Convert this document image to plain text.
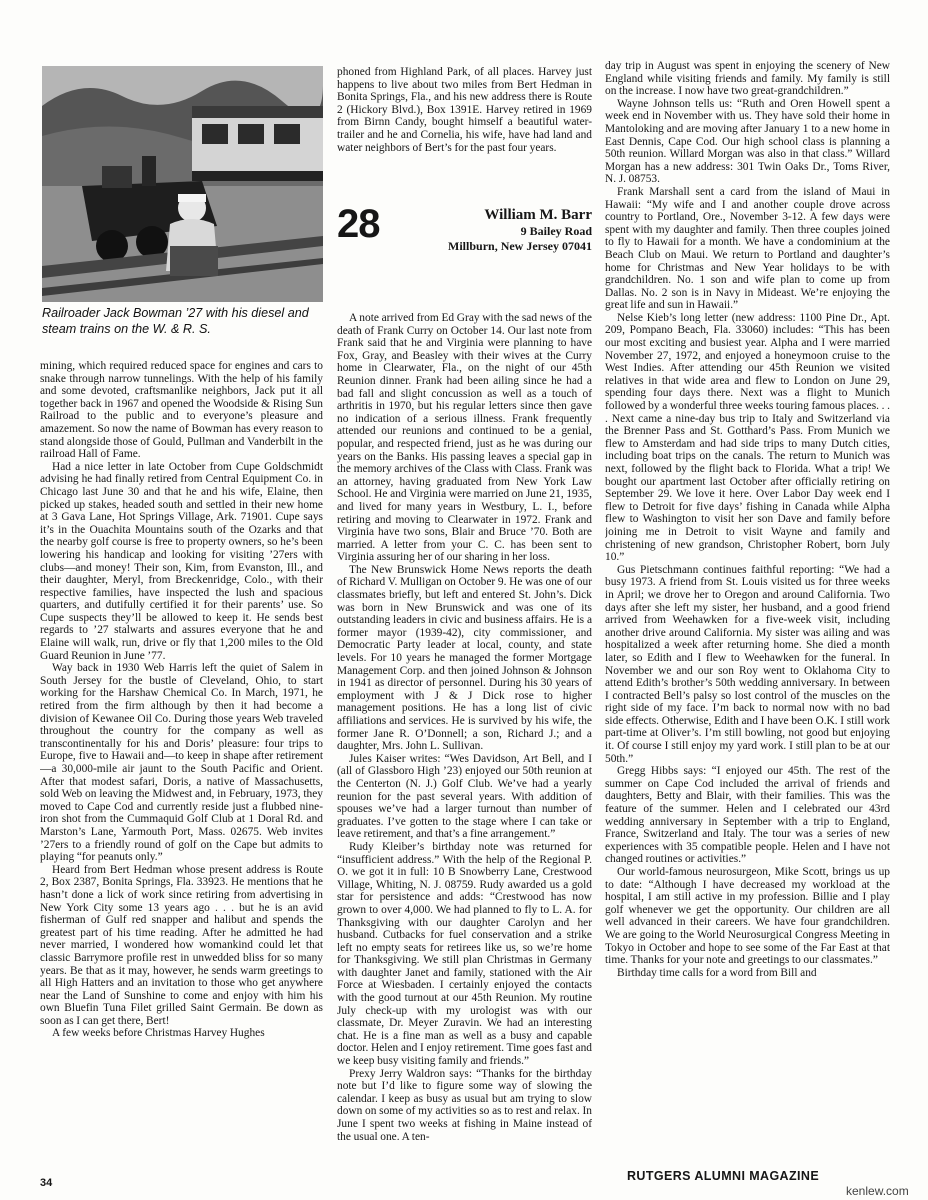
Railroader Jack Bowman ’27 with his diesel and steam trains on the W. & R. S.

mining, which required reduced space for engines and cars to snake through narrow tunnelings. With the help of his family and some devoted, craftsmanlike neighbors, Jack put it all together back in 1967 and opened the Woodside & Rising Sun Railroad to the public and to everyone’s pleasure and amazement. So now the name of Bowman has every reason to stand alongside those of Gould, Pullman and Vanderbilt in the railroad Hall of Fame.

Had a nice letter in late October from Cupe Goldschmidt advising he had finally retired from Central Equipment Co. in Chicago last June 30 and that he and his wife, Elaine, then picked up stakes, headed south and settled in their new home at 3 Gava Lane, Hot Springs Village, Ark. 71901. Cupe says it’s in the Ouachita Mountains south of the Ozarks and that the nearby golf course is free to property owners, so he’s been lowering his handicap and looking for visiting ’27ers with clubs—and money! Their son, Kim, from Evanston, Ill., and their daughter, Meryl, from Breckenridge, Colo., with their respective families, have inspected the lush and spacious quarters, and dutifully certified it for their parents’ use. So Cupe suspects they’ll be allowed to keep it. He sends best regards to ’27 stalwarts and assures everyone that he and Elaine will walk, run, drive or fly that 1,200 miles to the Old Guard Reunion in June ’77.

Way back in 1930 Web Harris left the quiet of Salem in South Jersey for the bustle of Cleveland, Ohio, to start working for the Harshaw Chemical Co. In March, 1971, he retired from the firm although by then it had become a division of Kewanee Oil Co. During those years Web traveled throughout the country for the company as well as transcontinentally for his and Doris’ pleasure: four trips to Europe, five to Hawaii and—to keep in shape after retirement—a 30,000-mile air jaunt to the South Pacific and Orient. After that modest safari, Doris, a native of Massachusetts, sold Web on leaving the Midwest and, in February, 1973, they moved to Cape Cod and currently reside just a flubbed nine-iron shot from the Cummaquid Golf Club at 1 Doral Rd. and Marston’s Lane, Yarmouth Port, Mass. 02675. Web invites ’27ers to a friendly round of golf on the Cape but admits to playing “for peanuts only.”

Heard from Bert Hedman whose present address is Route 2, Box 2387, Bonita Springs, Fla. 33923. He mentions that he hasn’t done a lick of work since retiring from advertising in New York City some 13 years ago . . . but he is an avid fisherman of Gulf red snapper and halibut and spends the greatest part of his time reading. After he admitted he had never married, I wondered how womankind could let that classic Barrymore profile rest in unwedded bliss for so many years. Be that as it may, however, he sends warm greetings to all High Hatters and an invitation to those who get anywhere near the Land of Sunshine to come and enjoy with him his own Bluefin Tuna Filet grilled Saint Germain. Be down as soon as I can get there, Bert!

A few weeks before Christmas Harvey Hughes

phoned from Highland Park, of all places. Harvey just happens to live about two miles from Bert Hedman in Bonita Springs, Fla., and his new address there is Route 2 (Hickory Blvd.), Box 1391E. Harvey retired in 1969 from Birnn Candy, bought himself a beautiful water-trailer and he and Cornelia, his wife, have had land and water neighbors of Bert’s for the past four years.

28	William M. Barr
9 Bailey Road
Millburn, New Jersey 07041

A note arrived from Ed Gray with the sad news of the death of Frank Curry on October 14. Our last note from Frank said that he and Virginia were planning to have Fox, Gray, and Beasley with their wives at the Curry home in Clearwater, Fla., on the night of our 45th Reunion dinner. Frank had been ailing since he had a bad fall and slight concussion as well as a touch of arthritis in 1970, but his regular letters since then gave no indication of a serious illness. Frank frequently attended our reunions and continued to be a genial, popular, and respected friend, just as he was during our years on the Banks. His passing leaves a special gap in the memory archives of the Class with Class. Frank was an attorney, having graduated from New York Law School. He and Virginia were married on June 21, 1935, and lived for many years in Westbury, L. I., before retiring and moving to Clearwater in 1972. Frank and Virginia have two sons, Blair and Bruce ’70. Both are married. A letter from your C. C. has been sent to Virginia assuring her of our sharing in her loss.

The New Brunswick Home News reports the death of Richard V. Mulligan on October 9. He was one of our classmates briefly, but left and entered St. John’s. Dick was born in New Brunswick and was one of its outstanding leaders in civic and business affairs. He is a former mayor (1939-42), city commissioner, and Democratic Party leader at local, county, and state levels. For 10 years he managed the former Mortgage Management Corp. and then joined Johnson & Johnson in 1941 as director of personnel. During his 30 years of employment with J & J Dick rose to higher management positions. He has a long list of civic affiliations and services. He is survived by his wife, the former Jane R. O’Donnell; a son, Richard J.; and a daughter, Mrs. John L. Sullivan.

Jules Kaiser writes: “Wes Davidson, Art Bell, and I (all of Glassboro High ’23) enjoyed our 50th reunion at the Centerton (N. J.) Golf Club. We’ve had a yearly reunion for the past several years. With addition of spouses we’ve had a larger turnout than number of graduates. I’ve gotten to the stage where I can take or leave retirement, and that’s a fine arrangement.”

Rudy Kleiber’s birthday note was returned for “insufficient address.” With the help of the Regional P. O. we got it in full: 10 B Snowberry Lane, Crestwood Village, Whiting, N. J. 08759. Rudy awarded us a gold star for persistence and adds: “Crestwood has now grown to over 4,000. We had planned to fly to L. A. for Thanksgiving with our daughter Carolyn and her husband. Cutbacks for fuel conservation and a strike left no empty seats for retirees like us, so we’re home for Thanksgiving. We still plan Christmas in Germany with daughter Janet and family, stationed with the Air Force at Wiesbaden. I certainly enjoyed the contacts with the good turnout at our 45th Reunion. My routine July check-up with my urologist was with our classmate, Dr. Meyer Zuravin. We had an interesting chat. He is a fine man as well as a busy and capable doctor. Helen and I enjoy retirement. Time goes fast and we keep busy visiting family and friends.”

Prexy Jerry Waldron says: “Thanks for the birthday note but I’d like to figure some way of slowing the calendar. I keep as busy as usual but am trying to slow down on some of my activities so as to rest and relax. In June I spent two weeks at fishing in Maine instead of the usual one. A ten-

day trip in August was spent in enjoying the scenery of New England while visiting friends and family. My family is still on the increase. I now have two great-grandchildren.”

Wayne Johnson tells us: “Ruth and Oren Howell spent a week end in November with us. They have sold their home in Mantoloking and are moving after January 1 to a new home in East Dennis, Cape Cod. Our high school class is planning a 50th reunion. Willard Morgan was also in that class.” Willard Morgan has a new address: 301 Twin Oaks Dr., Toms River, N. J. 08753.

Frank Marshall sent a card from the island of Maui in Hawaii: “My wife and I and another couple drove across country to Portland, Ore., November 3-12. A few days were spent with my daughter and family. Then three couples joined to fly to Hawaii for a month. We have a condominium at the Beach Club on Maui. We return to Portland and daughter’s home for Christmas and New Year holidays to be with grandchildren. No. 1 son and wife plan to come up from Dallas. No. 2 son is in Navy in Mideast. We’re enjoying the great life and sun in Hawaii.”

Nelse Kieb’s long letter (new address: 1100 Pine Dr., Apt. 209, Pompano Beach, Fla. 33060) includes: “This has been our most exciting and busiest year. Alpha and I were married November 27, 1972, and enjoyed a honeymoon cruise to the West Indies. After attending our 45th Reunion we visited relatives in that wide area and flew to London on June 29, spending four days there. Next was a flight to Munich followed by a wonderful three weeks touring famous places. . . . Next came a nine-day bus trip to Italy and Switzerland via the Brenner Pass and St. Gotthard’s Pass. From Munich we flew to Amsterdam and had side trips to many Dutch cities, including boat trips on the canals. The return to Munich was next, followed by the flight back to Florida. What a trip! We bought our apartment last October after officially retiring on September 29. We love it here. Over Labor Day week end I flew to Detroit for five days’ fishing in Canada while Alpha flew to Washington to visit her son Dave and family before joining me in Detroit to visit Wayne and family and christening of new grandson, Christopher Robert, born July 10.”

Gus Pietschmann continues faithful reporting: “We had a busy 1973. A friend from St. Louis visited us for three weeks in April; we drove her to Oregon and around California. Two days after she left my sister, her husband, and a good friend arrived from Weehawken for a five-week visit, including another drive around California. My sister was ailing and was hospitalized a week after returning home. She died a month later, so Edith and I flew to Weehawken for the funeral. In November we and our son Roy went to Oklahoma City to attend Edith’s brother’s 50th wedding anniversary. In between I contracted Bell’s palsy so lost control of the muscles on the right side of my face. I’m back to normal now with no bad side effects. Otherwise, Edith and I have been O.K. I still work part-time at Oliver’s. I’m still bowling, not good but enjoying it. Of course I still enjoy my yard work. I still plan to be at our 50th.”

Gregg Hibbs says: “I enjoyed our 45th. The rest of the summer on Cape Cod included the arrival of friends and daughters, Betty and Blair, with their families. This was the feature of the summer. Helen and I celebrated our 43rd wedding anniversary in September with a trip to England, France, Switzerland and Italy. The tour was a series of new experiences with 35 compatible people. Helen and I have not changed routines or activities.”

Our world-famous neurosurgeon, Mike Scott, brings us up to date: “Although I have decreased my workload at the hospital, I am still active in my profession. Billie and I play golf whenever we get the opportunity. Our children are all well advanced in their careers. We have four grandchildren. We are going to the World Neurosurgical Congress Meeting in Tokyo in October and hope to see some of the Far East at that time. Thanks for your note and greetings to our classmates.”

Birthday time calls for a word from Bill and

34	RUTGERS ALUMNI MAGAZINE
kenlew.com
